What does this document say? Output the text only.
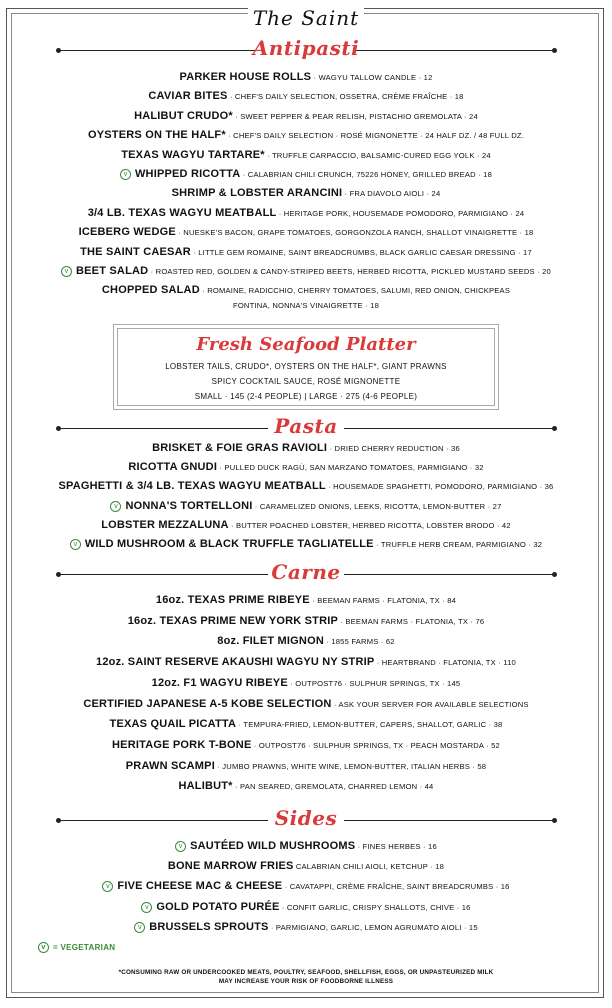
The Saint
Antipasti
PARKER HOUSE ROLLS · WAGYU TALLOW CANDLE · 12
CAVIAR BITES · CHEF'S DAILY SELECTION, OSSETRA, CRÈME FRAÎCHE · 18
HALIBUT CRUDO* · SWEET PEPPER & PEAR RELISH, PISTACHIO GREMOLATA · 24
OYSTERS ON THE HALF* · CHEF'S DAILY SELECTION · ROSÉ MIGNONETTE · 24 HALF DZ. / 48 FULL DZ.
TEXAS WAGYU TARTARE* · TRUFFLE CARPACCIO, BALSAMIC-CURED EGG YOLK · 24
v WHIPPED RICOTTA · CALABRIAN CHILI CRUNCH, 75226 HONEY, GRILLED BREAD · 18
SHRIMP & LOBSTER ARANCINI · FRA DIAVOLO AIOLI · 24
3/4 LB. TEXAS WAGYU MEATBALL · HERITAGE PORK, HOUSEMADE POMODORO, PARMIGIANO · 24
ICEBERG WEDGE · NUESKE'S BACON, GRAPE TOMATOES, GORGONZOLA RANCH, SHALLOT VINAIGRETTE · 18
THE SAINT CAESAR · LITTLE GEM ROMAINE, SAINT BREADCRUMBS, BLACK GARLIC CAESAR DRESSING · 17
v BEET SALAD · ROASTED RED, GOLDEN & CANDY-STRIPED BEETS, HERBED RICOTTA, PICKLED MUSTARD SEEDS · 20
CHOPPED SALAD · ROMAINE, RADICCHIO, CHERRY TOMATOES, SALUMI, RED ONION, CHICKPEAS
FONTINA, NONNA'S VINAIGRETTE · 18
Fresh Seafood Platter
LOBSTER TAILS, CRUDO*, OYSTERS ON THE HALF*, GIANT PRAWNS
SPICY COCKTAIL SAUCE, ROSÉ MIGNONETTE
SMALL · 145 (2-4 PEOPLE) | LARGE · 275 (4-6 PEOPLE)
Pasta
BRISKET & FOIE GRAS RAVIOLI · DRIED CHERRY REDUCTION · 36
RICOTTA GNUDI · PULLED DUCK RAGÙ, SAN MARZANO TOMATOES, PARMIGIANO · 32
SPAGHETTI & 3/4 LB. TEXAS WAGYU MEATBALL · HOUSEMADE SPAGHETTI, POMODORO, PARMIGIANO · 36
v NONNA'S TORTELLONI · CARAMELIZED ONIONS, LEEKS, RICOTTA, LEMON-BUTTER · 27
LOBSTER MEZZALUNA · BUTTER POACHED LOBSTER, HERBED RICOTTA, LOBSTER BRODO · 42
v WILD MUSHROOM & BLACK TRUFFLE TAGLIATELLE · TRUFFLE HERB CREAM, PARMIGIANO · 32
Carne
16oz. TEXAS PRIME RIBEYE · BEEMAN FARMS · FLATONIA, TX · 84
16oz. TEXAS PRIME NEW YORK STRIP · BEEMAN FARMS · FLATONIA, TX · 76
8oz. FILET MIGNON · 1855 FARMS · 62
12oz. SAINT RESERVE AKAUSHI WAGYU NY STRIP · HEARTBRAND · FLATONIA, TX · 110
12oz. F1 WAGYU RIBEYE · OUTPOST76 · SULPHUR SPRINGS, TX · 145
CERTIFIED JAPANESE A-5 KOBE SELECTION · ASK YOUR SERVER FOR AVAILABLE SELECTIONS
TEXAS QUAIL PICATTA · TEMPURA-FRIED, LEMON-BUTTER, CAPERS, SHALLOT, GARLIC · 38
HERITAGE PORK T-BONE · OUTPOST76 · SULPHUR SPRINGS, TX · PEACH MOSTARDA · 52
PRAWN SCAMPI · JUMBO PRAWNS, WHITE WINE, LEMON-BUTTER, ITALIAN HERBS · 58
HALIBUT* · PAN SEARED, GREMOLATA, CHARRED LEMON · 44
Sides
v SAUTÉED WILD MUSHROOMS · FINES HERBES · 16
BONE MARROW FRIES CALABRIAN CHILI AIOLI, KETCHUP · 18
v FIVE CHEESE MAC & CHEESE · CAVATAPPI, CRÈME FRAÎCHE, SAINT BREADCRUMBS · 16
v GOLD POTATO PURÉE · CONFIT GARLIC, CRISPY SHALLOTS, CHIVE · 16
v BRUSSELS SPROUTS · PARMIGIANO, GARLIC, LEMON AGRUMATO AIOLI · 15
v = VEGETARIAN
*CONSUMING RAW OR UNDERCOOKED MEATS, POULTRY, SEAFOOD, SHELLFISH, EGGS, OR UNPASTEURIZED MILK
MAY INCREASE YOUR RISK OF FOODBORNE ILLNESS
